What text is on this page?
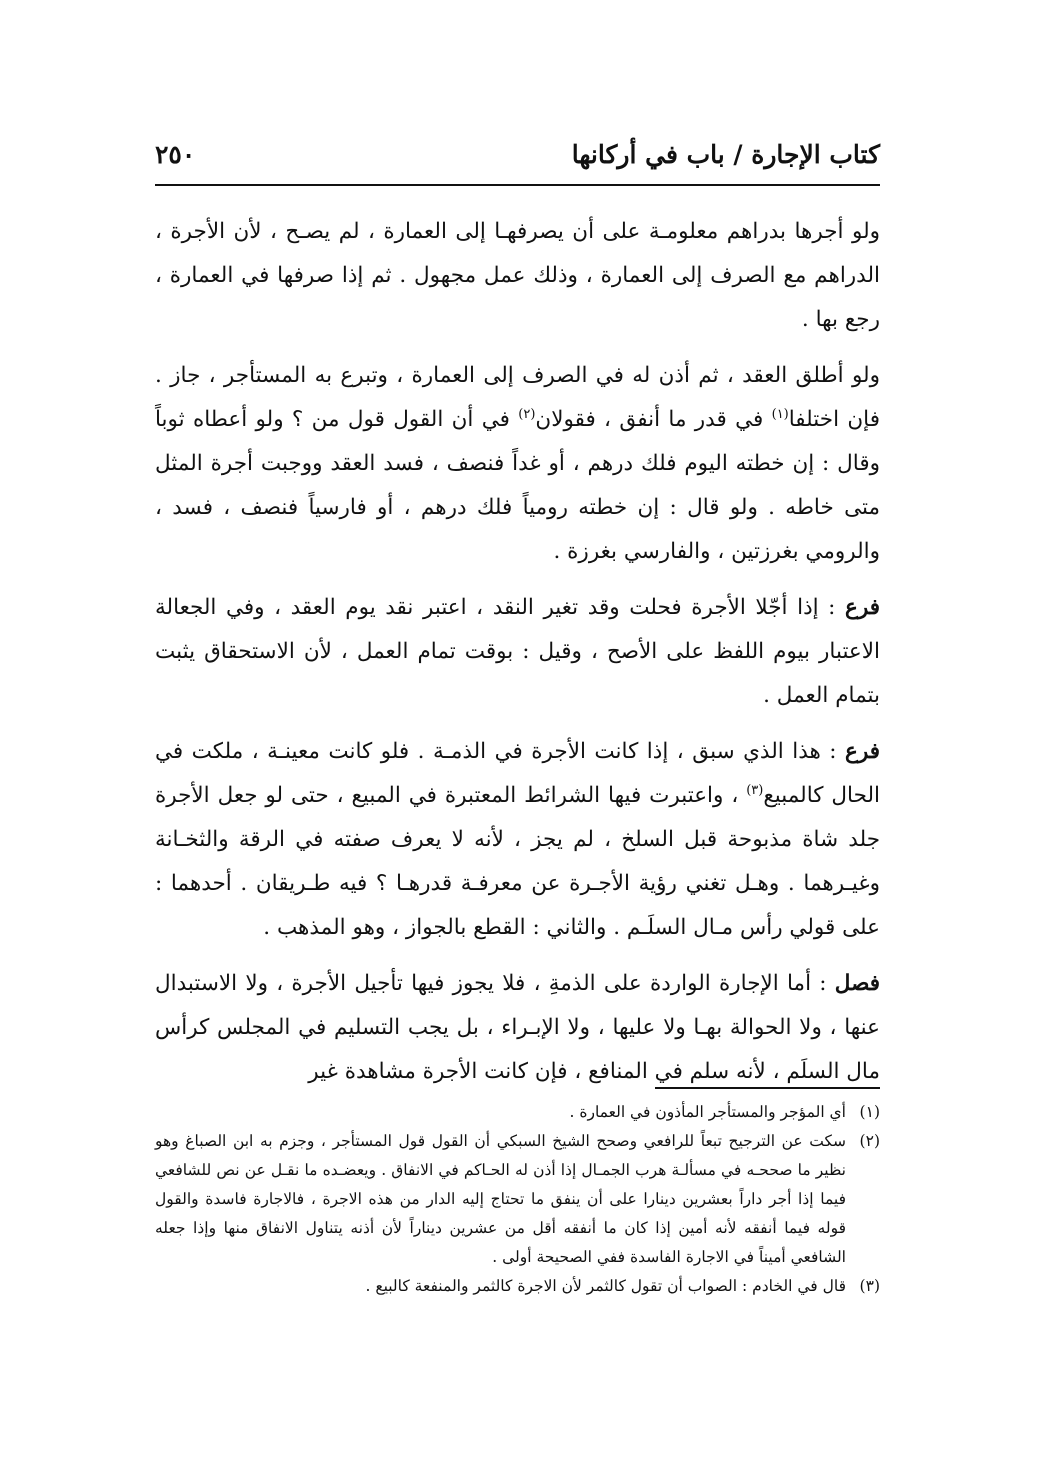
كتاب الإجارة / باب في أركانها
٢٥٠

ولو أجرها بدراهم معلومـة على أن يصرفهـا إلى العمارة ، لم يصـح ، لأن الأجرة ، الدراهم مع الصرف إلى العمارة ، وذلك عمل مجهول . ثم إذا صرفها في العمارة ، رجع بها .

ولو أطلق العقد ، ثم أذن له في الصرف إلى العمارة ، وتبرع به المستأجر ، جاز . فإن اختلفا$^{(١)}$ في قدر ما أنفق ، فقولان$^{(٢)}$ في أن القول قول من ؟ ولو أعطاه ثوباً وقال : إن خطته اليوم فلك درهم ، أو غداً فنصف ، فسد العقد ووجبت أجرة المثل متى خاطه . ولو قال : إن خطته رومياً فلك درهم ، أو فارسياً فنصف ، فسد ، والرومي بغرزتين ، والفارسي بغرزة .

فرع : إذا أجّلا الأجرة فحلت وقد تغير النقد ، اعتبر نقد يوم العقد ، وفي الجعالة الاعتبار بيوم اللفظ على الأصح ، وقيل : بوقت تمام العمل ، لأن الاستحقاق يثبت بتمام العمل .

فرع : هذا الذي سبق ، إذا كانت الأجرة في الذمـة . فلو كانت معينـة ، ملكت في الحال كالمبيع$^{(٣)}$ ، واعتبرت فيها الشرائط المعتبرة في المبيع ، حتى لو جعل الأجرة جلد شاة مذبوحة قبل السلخ ، لم يجز ، لأنه لا يعرف صفته في الرقة والثخـانة وغيـرهما . وهـل تغني رؤية الأجـرة عن معرفـة قدرهـا ؟ فيه طـريقان . أحدهما : على قولي رأس مـال السلَـم . والثاني : القطع بالجواز ، وهو المذهب .

فصل : أما الإجارة الواردة على الذمةِ ، فلا يجوز فيها تأجيل الأجرة ، ولا الاستبدال عنها ، ولا الحوالة بهـا ولا عليها ، ولا الإبـراء ، بل يجب التسليم في المجلس كرأس مال السلَم ، لأنه سلم في المنافع ، فإن كانت الأجرة مشاهدة غير

(١)
أي المؤجر والمستأجر المأذون في العمارة .
(٢)
سكت عن الترجيح تبعاً للرافعي وصحح الشيخ السبكي أن القول قول المستأجر ، وجزم به ابن الصباغ وهو نظير ما صححـه في مسألـة هرب الجمـال إذا أذن له الحـاكم في الانفاق . ويعضـده ما نقـل عن نص للشافعي فيما إذا أجر داراً بعشرين دينارا على أن ينفق ما تحتاج إليه الدار من هذه الاجرة ، فالاجارة فاسدة والقول قوله فيما أنفقه لأنه أمين إذا كان ما أنفقه أقل من عشرين ديناراً لأن أذنه يتناول الانفاق منها وإذا جعله الشافعي أميناً في الاجارة الفاسدة ففي الصحيحة أولى .
(٣)
قال في الخادم : الصواب أن تقول كالثمر لأن الاجرة كالثمر والمنفعة كالبيع .
